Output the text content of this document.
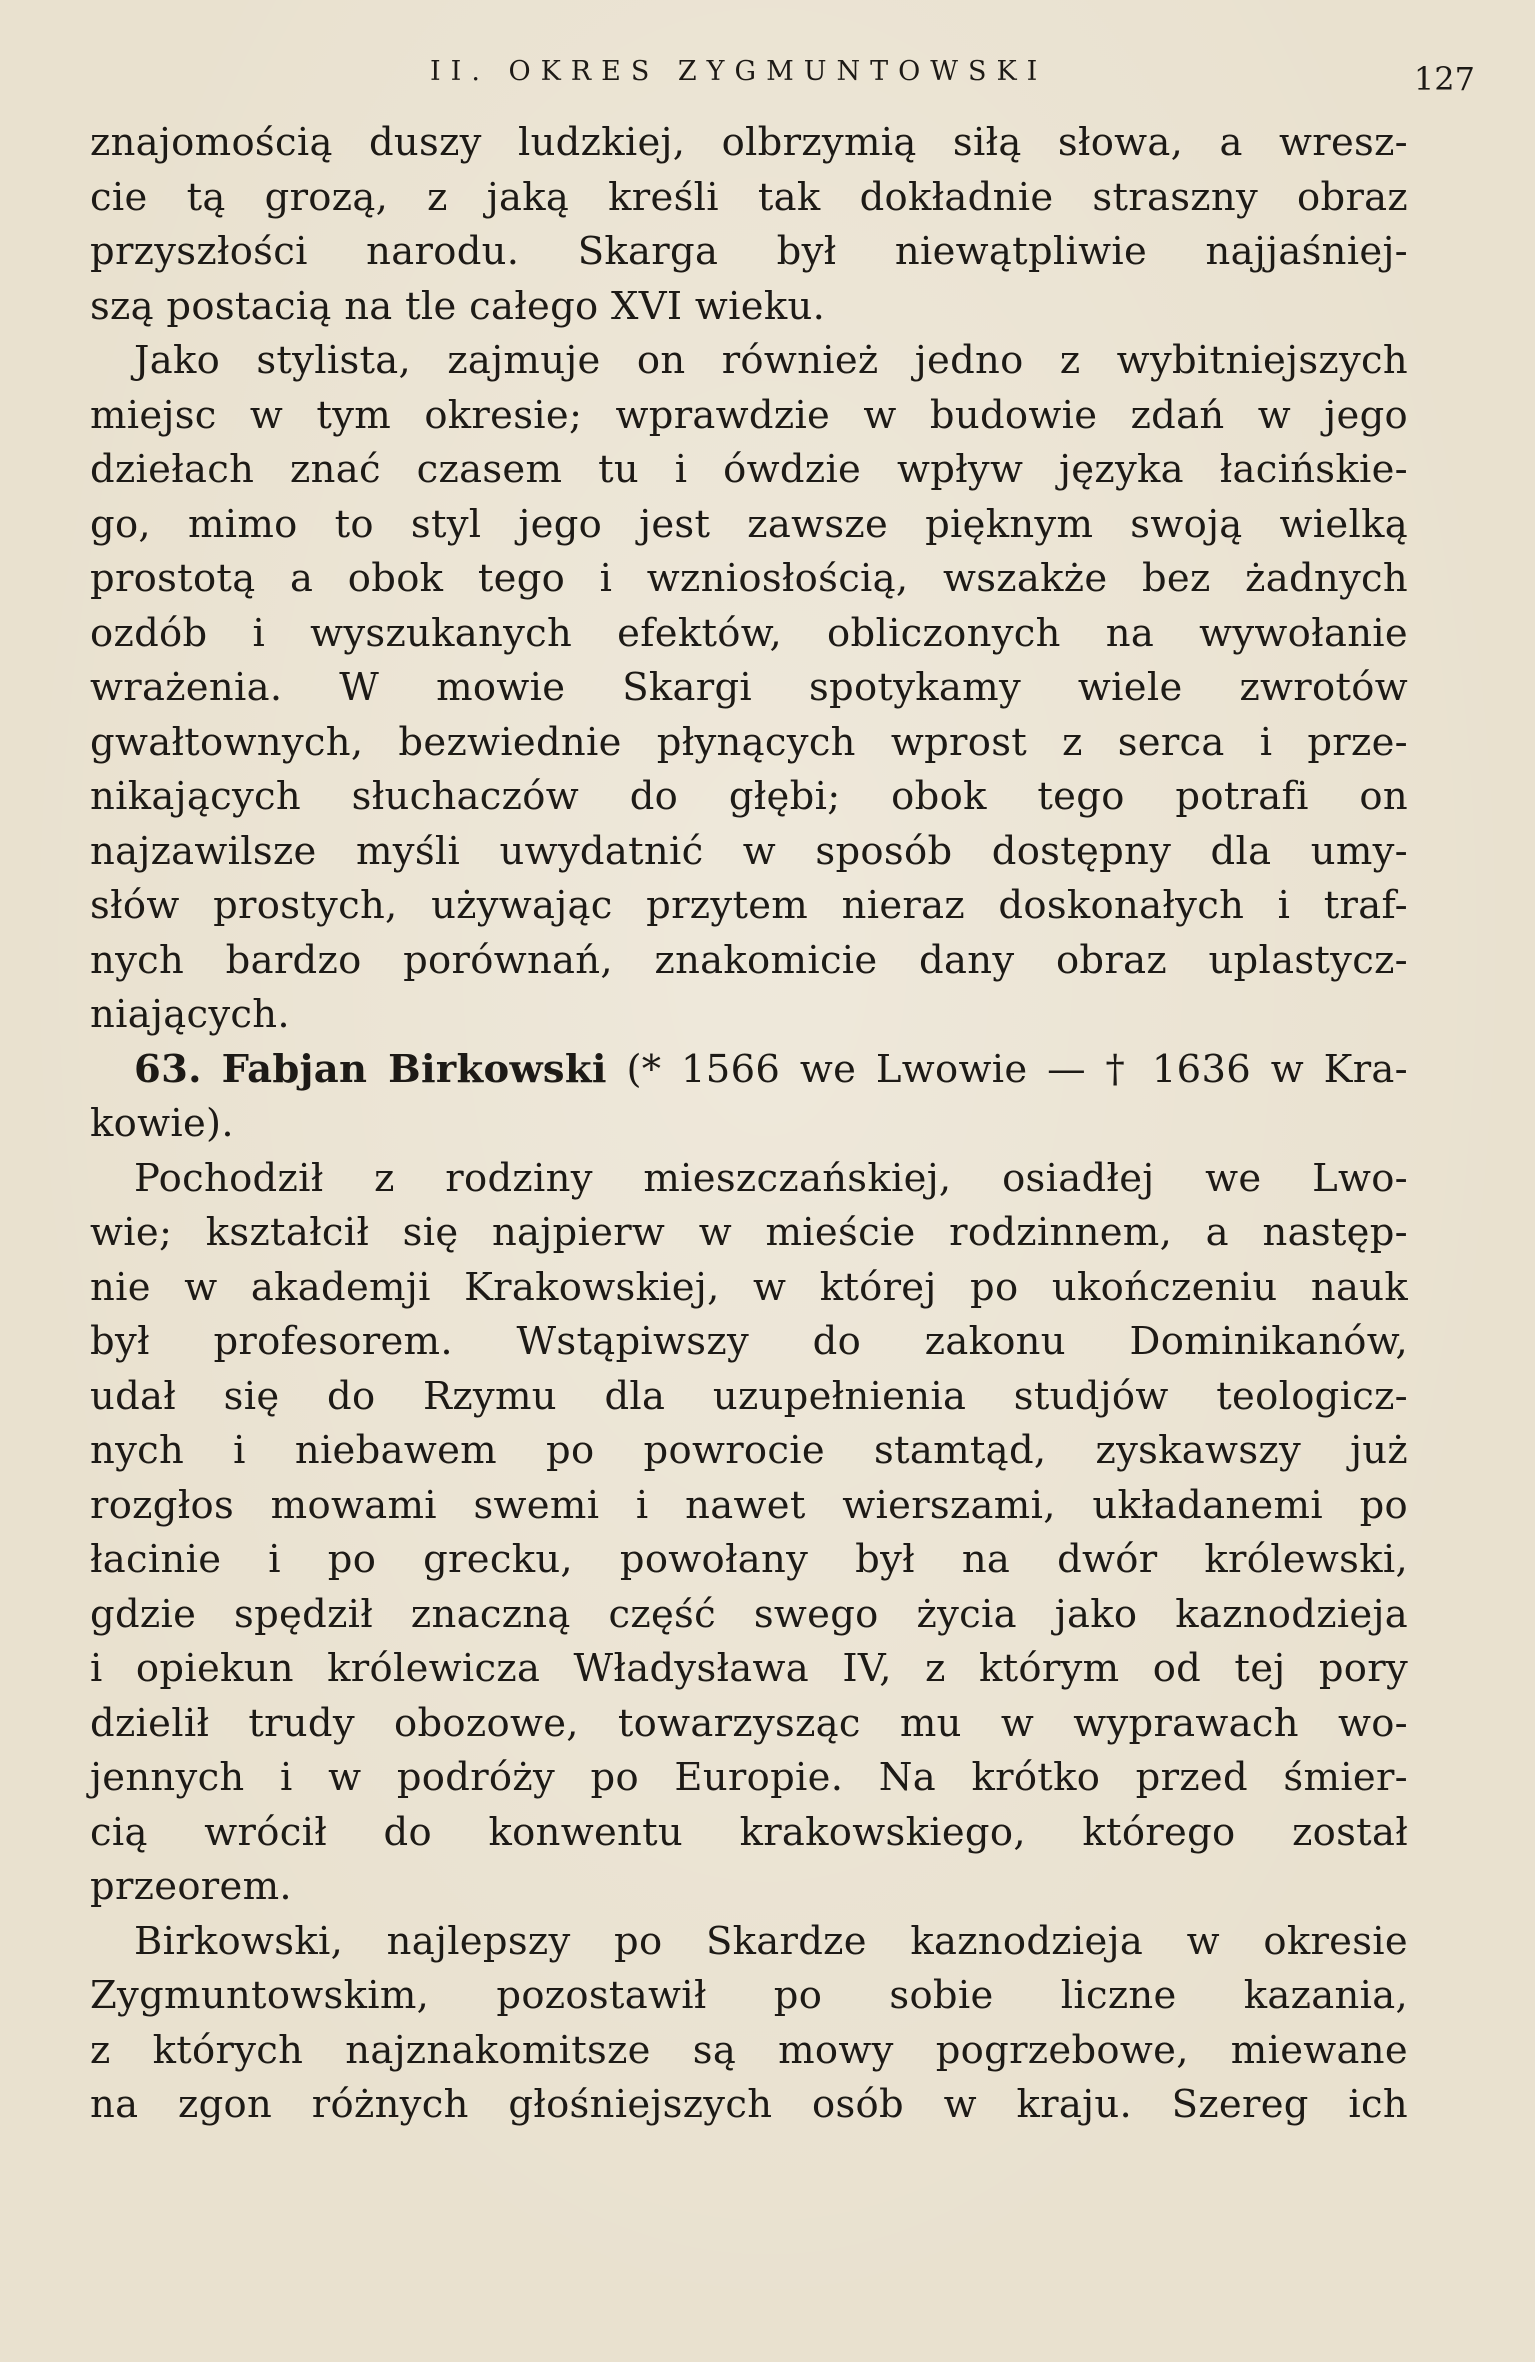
II. OKRES ZYGMUNTOWSKI	127
znajomością duszy ludzkiej, olbrzymią siłą słowa, a wresz-
cie tą grozą, z jaką kreśli tak dokładnie straszny obraz
przyszłości narodu. Skarga był niewątpliwie najjaśniej-
szą postacią na tle całego XVI wieku.
Jako stylista, zajmuje on również jedno z wybitniejszych
miejsc w tym okresie; wprawdzie w budowie zdań w jego
dziełach znać czasem tu i ówdzie wpływ języka łacińskie-
go, mimo to styl jego jest zawsze pięknym swoją wielką
prostotą a obok tego i wzniosłością, wszakże bez żadnych
ozdób i wyszukanych efektów, obliczonych na wywołanie
wrażenia. W mowie Skargi spotykamy wiele zwrotów
gwałtownych, bezwiednie płynących wprost z serca i prze-
nikających słuchaczów do głębi; obok tego potrafi on
najzawilsze myśli uwydatnić w sposób dostępny dla umy-
słów prostych, używając przytem nieraz doskonałych i traf-
nych bardzo porównań, znakomicie dany obraz uplastycz-
niających.
63. Fabjan Birkowski (* 1566 we Lwowie — † 1636 w Kra-
kowie).
Pochodził z rodziny mieszczańskiej, osiadłej we Lwo-
wie; kształcił się najpierw w mieście rodzinnem, a następ-
nie w akademji Krakowskiej, w której po ukończeniu nauk
był profesorem. Wstąpiwszy do zakonu Dominikanów,
udał się do Rzymu dla uzupełnienia studjów teologicz-
nych i niebawem po powrocie stamtąd, zyskawszy już
rozgłos mowami swemi i nawet wierszami, układanemi po
łacinie i po grecku, powołany był na dwór królewski,
gdzie spędził znaczną część swego życia jako kaznodzieja
i opiekun królewicza Władysława IV, z którym od tej pory
dzielił trudy obozowe, towarzysząc mu w wyprawach wo-
jennych i w podróży po Europie. Na krótko przed śmier-
cią wrócił do konwentu krakowskiego, którego został
przeorem.
Birkowski, najlepszy po Skardze kaznodzieja w okresie
Zygmuntowskim, pozostawił po sobie liczne kazania,
z których najznakomitsze są mowy pogrzebowe, miewane
na zgon różnych głośniejszych osób w kraju. Szereg ich
